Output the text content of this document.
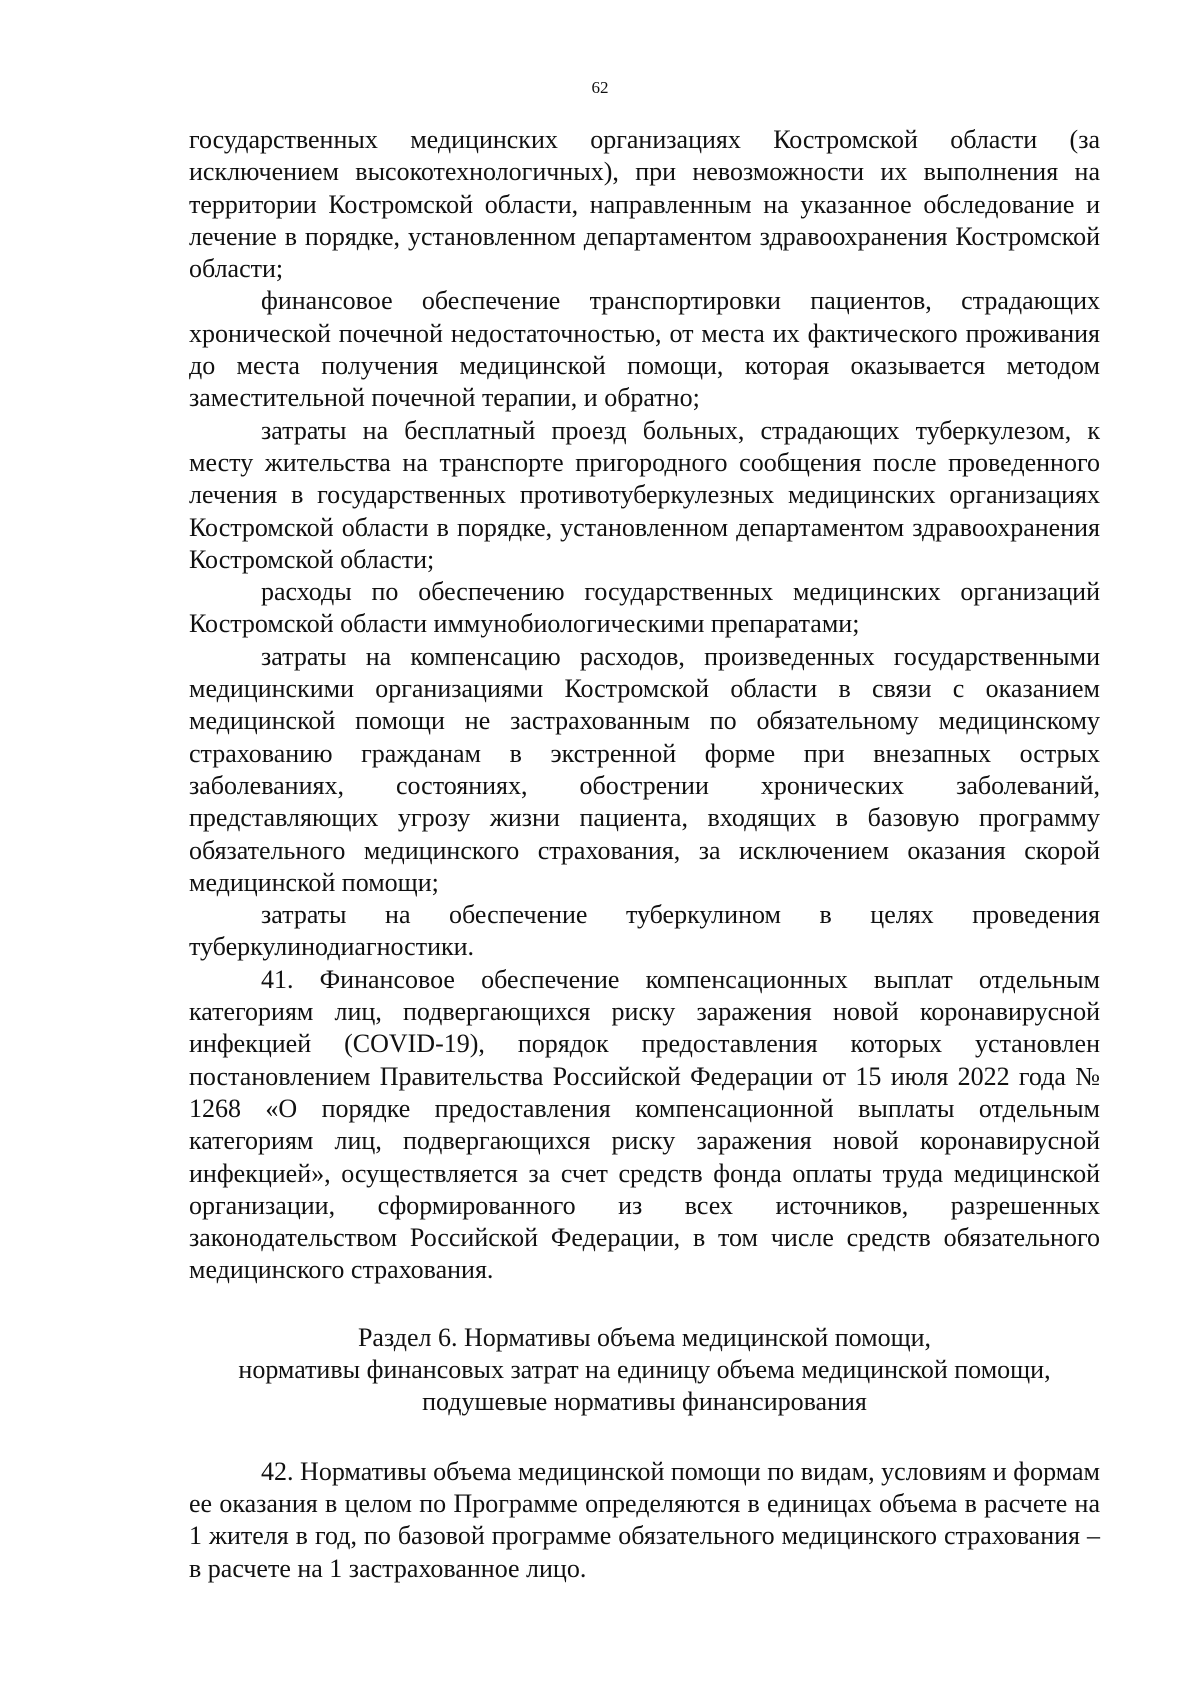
62

государственных медицинских организациях Костромской области (за исключением высокотехнологичных), при невозможности их выполнения на территории Костромской области, направленным на указанное обследование и лечение в порядке, установленном департаментом здравоохранения Костромской области;

финансовое обеспечение транспортировки пациентов, страдающих хронической почечной недостаточностью, от места их фактического проживания до места получения медицинской помощи, которая оказывается методом заместительной почечной терапии, и обратно;

затраты на бесплатный проезд больных, страдающих туберкулезом, к месту жительства на транспорте пригородного сообщения после проведенного лечения в государственных противотуберкулезных медицинских организациях Костромской области в порядке, установленном департаментом здравоохранения Костромской области;

расходы по обеспечению государственных медицинских организаций Костромской области иммунобиологическими препаратами;

затраты на компенсацию расходов, произведенных государственными медицинскими организациями Костромской области в связи с оказанием медицинской помощи не застрахованным по обязательному медицинскому страхованию гражданам в экстренной форме при внезапных острых заболеваниях, состояниях, обострении хронических заболеваний, представляющих угрозу жизни пациента, входящих в базовую программу обязательного медицинского страхования, за исключением оказания скорой медицинской помощи;

затраты на обеспечение туберкулином в целях проведения туберкулинодиагностики.

41. Финансовое обеспечение компенсационных выплат отдельным категориям лиц, подвергающихся риску заражения новой коронавирусной инфекцией (COVID-19), порядок предоставления которых установлен постановлением Правительства Российской Федерации от 15 июля 2022 года № 1268 «О порядке предоставления компенсационной выплаты отдельным категориям лиц, подвергающихся риску заражения новой коронавирусной инфекцией», осуществляется за счет средств фонда оплаты труда медицинской организации, сформированного из всех источников, разрешенных законодательством Российской Федерации, в том числе средств обязательного медицинского страхования.

Раздел 6. Нормативы объема медицинской помощи,
нормативы финансовых затрат на единицу объема медицинской помощи,
подушевые нормативы финансирования

42. Нормативы объема медицинской помощи по видам, условиям и формам ее оказания в целом по Программе определяются в единицах объема в расчете на 1 жителя в год, по базовой программе обязательного медицинского страхования – в расчете на 1 застрахованное лицо.
